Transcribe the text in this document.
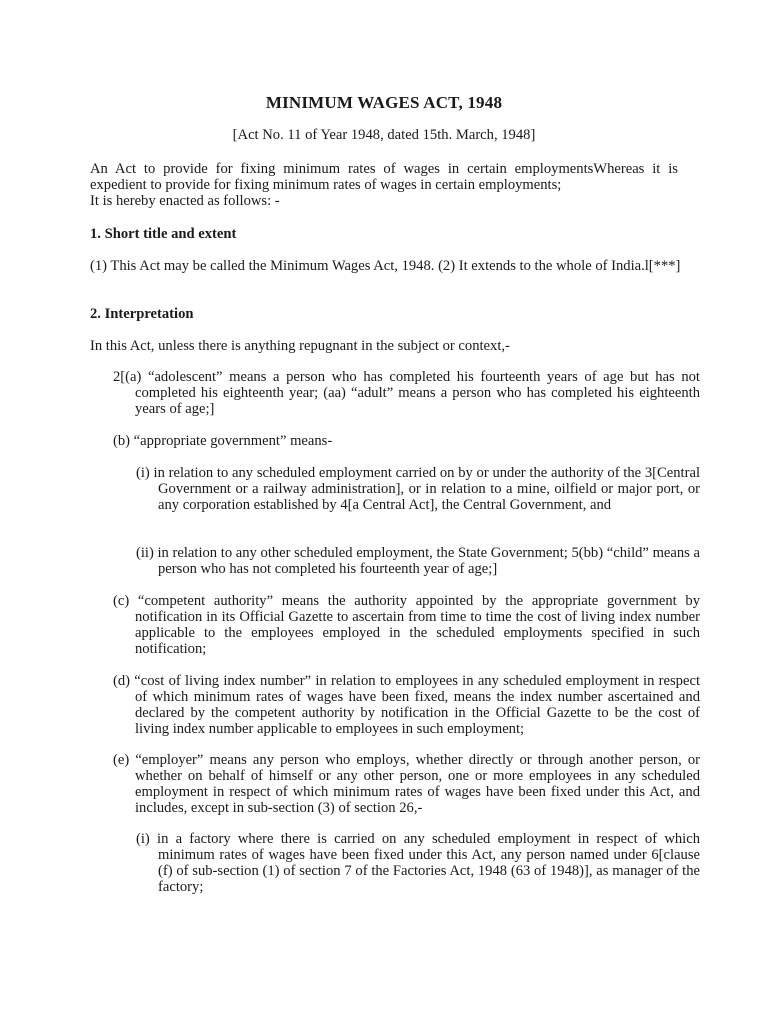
MINIMUM WAGES ACT, 1948
[Act No. 11 of Year 1948, dated 15th. March, 1948]
An Act to provide for fixing minimum rates of wages in certain employmentsWhereas it is expedient to provide for fixing minimum rates of wages in certain employments;
It is hereby enacted as follows: -
1. Short title and extent
(1) This Act may be called the Minimum Wages Act, 1948. (2) It extends to the whole of India.l[***]
2. Interpretation
In this Act, unless there is anything repugnant in the subject or context,-
2[(a) “adolescent” means a person who has completed his fourteenth years of age but has not completed his eighteenth year; (aa) “adult” means a person who has completed his eighteenth years of age;]
(b) “appropriate government” means-
(i) in relation to any scheduled employment carried on by or under the authority of the 3[Central Government or a railway administration], or in relation to a mine, oilfield or major port, or any corporation established by 4[a Central Act], the Central Government, and
(ii) in relation to any other scheduled employment, the State Government; 5(bb) “child” means a person who has not completed his fourteenth year of age;]
(c) “competent authority” means the authority appointed by the appropriate government by notification in its Official Gazette to ascertain from time to time the cost of living index number applicable to the employees employed in the scheduled employments specified in such notification;
(d) “cost of living index number” in relation to employees in any scheduled employment in respect of which minimum rates of wages have been fixed, means the index number ascertained and declared by the competent authority by notification in the Official Gazette to be the cost of living index number applicable to employees in such employment;
(e) “employer” means any person who employs, whether directly or through another person, or whether on behalf of himself or any other person, one or more employees in any scheduled employment in respect of which minimum rates of wages have been fixed under this Act, and includes, except in sub-section (3) of section 26,-
(i) in a factory where there is carried on any scheduled employment in respect of which minimum rates of wages have been fixed under this Act, any person named under 6[clause (f) of sub-section (1) of section 7 of the Factories Act, 1948 (63 of 1948)], as manager of the factory;
